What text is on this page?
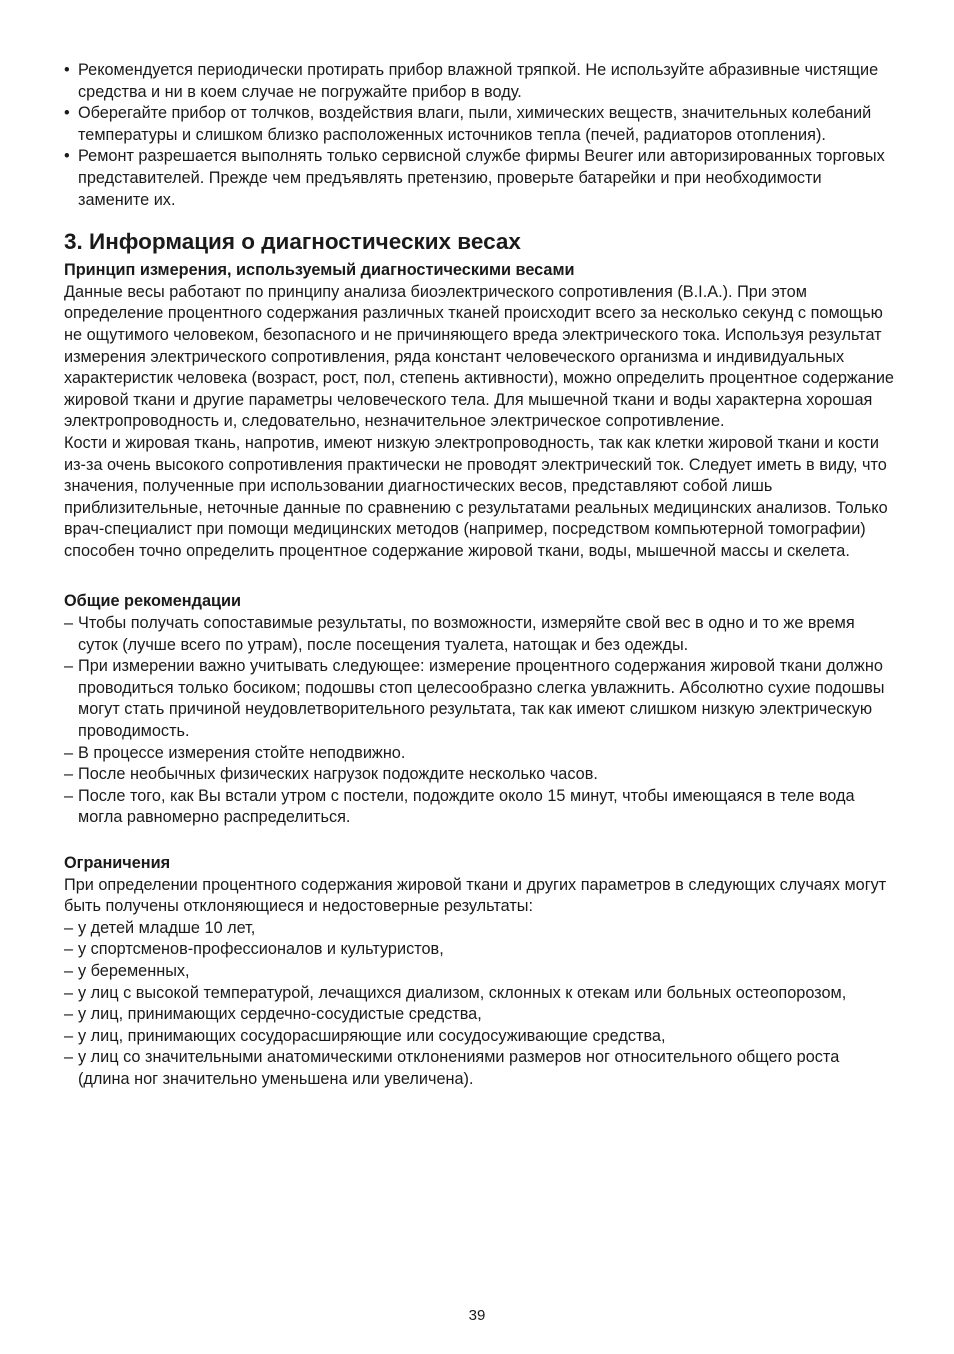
• Рекомендуется периодически протирать прибор влажной тряпкой. Не используйте абразивные чистящие средства и ни в коем случае не погружайте прибор в воду.
• Оберегайте прибор от толчков, воздействия влаги, пыли, химических веществ, значительных колебаний температуры и слишком близко расположенных источников тепла (печей, радиаторов отопления).
• Ремонт разрешается выполнять только сервисной службе фирмы Beurer или авторизированных торговых представителей. Прежде чем предъявлять претензию, проверьте батарейки и при необходимости замените их.
3. Информация о диагностических весах
Принцип измерения, используемый диагностическими весами

Данные весы работают по принципу анализа биоэлектрического сопротивления (B.I.A.). При этом определение процентного содержания различных тканей происходит всего за несколько секунд с помощью не ощутимого человеком, безопасного и не причиняющего вреда электрического тока. Используя результат измерения электрического сопротивления, ряда констант человеческого организма и индивидуальных характеристик человека (возраст, рост, пол, степень активности), можно определить процентное содержание жировой ткани и другие параметры человеческого тела. Для мышечной ткани и воды характерна хорошая электропроводность и, следовательно, незначительное электрическое сопротивление.

Кости и жировая ткань, напротив, имеют низкую электропроводность, так как клетки жировой ткани и кости из-за очень высокого сопротивления практически не проводят электрический ток. Следует иметь в виду, что значения, полученные при использовании диагностических весов, представляют собой лишь приблизительные, неточные данные по сравнению с результатами реальных медицинских анализов. Только врач-специалист при помощи медицинских методов (например, посредством компьютерной томографии) способен точно определить процентное содержание жировой ткани, воды, мышечной массы и скелета.

Общие рекомендации
– Чтобы получать сопоставимые результаты, по возможности, измеряйте свой вес в одно и то же время суток (лучше всего по утрам), после посещения туалета, натощак и без одежды.
– При измерении важно учитывать следующее: измерение процентного содержания жировой ткани должно проводиться только босиком; подошвы стоп целесообразно слегка увлажнить. Абсолютно сухие подошвы могут стать причиной неудовлетворительного результата, так как имеют слишком низкую электрическую проводимость.
– В процессе измерения стойте неподвижно.
– После необычных физических нагрузок подождите несколько часов.
– После того, как Вы встали утром с постели, подождите около 15 минут, чтобы имеющаяся в теле вода могла равномерно распределиться.
Ограничения

При определении процентного содержания жировой ткани и других параметров в следующих случаях могут быть получены отклоняющиеся и недостоверные результаты:

– у детей младше 10 лет,
– у спортсменов-профессионалов и культуристов,
– у беременных,
– у лиц с высокой температурой, лечащихся диализом, склонных к отекам или больных остеопорозом,
– у лиц, принимающих сердечно-сосудистые средства,
– у лиц, принимающих сосудорасширяющие или сосудосуживающие средства,
– у лиц со значительными анатомическими отклонениями размеров ног относительного общего роста (длина ног значительно уменьшена или увеличена).
39
